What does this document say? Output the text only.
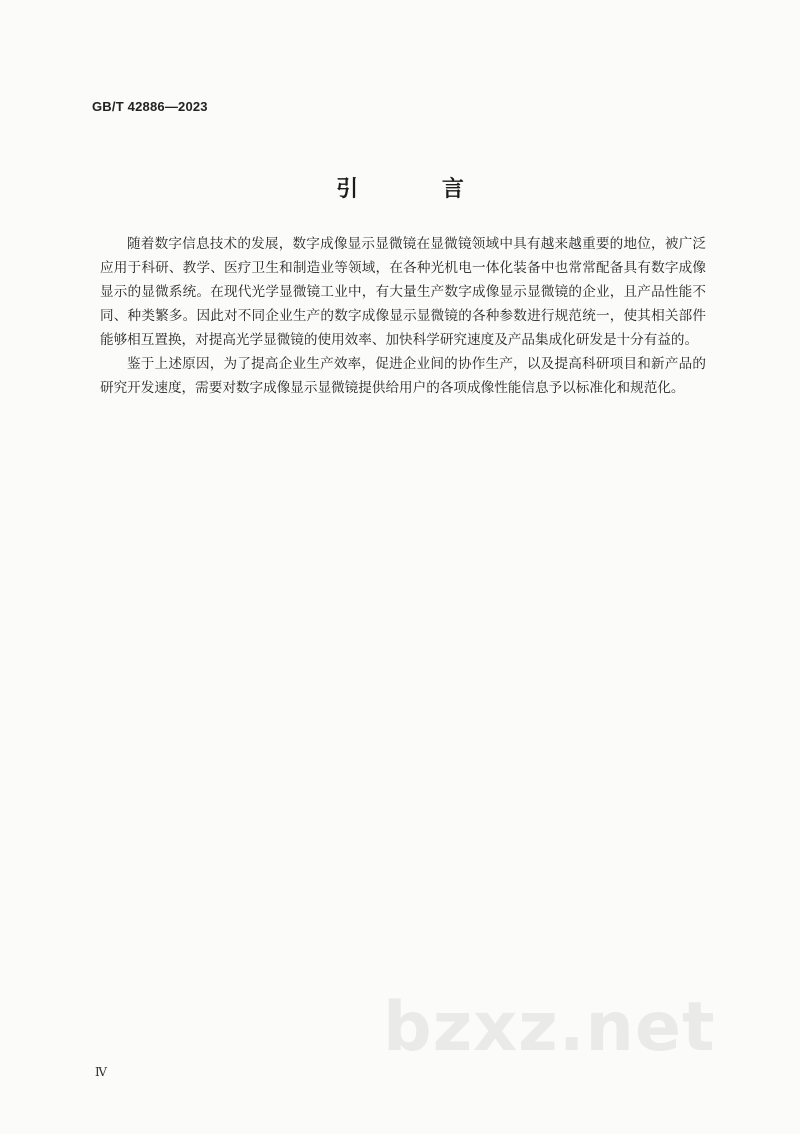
GB/T 42886—2023
引 言

随着数字信息技术的发展，数字成像显示显微镜在显微镜领域中具有越来越重要的地位，被广泛应用于科研、教学、医疗卫生和制造业等领域，在各种光机电一体化装备中也常常配备具有数字成像显示的显微系统。在现代光学显微镜工业中，有大量生产数字成像显示显微镜的企业，且产品性能不同、种类繁多。因此对不同企业生产的数字成像显示显微镜的各种参数进行规范统一，使其相关部件能够相互置换，对提高光学显微镜的使用效率、加快科学研究速度及产品集成化研发是十分有益的。

鉴于上述原因，为了提高企业生产效率，促进企业间的协作生产，以及提高科研项目和新产品的研究开发速度，需要对数字成像显示显微镜提供给用户的各项成像性能信息予以标准化和规范化。

bzxz.net
Ⅳ
